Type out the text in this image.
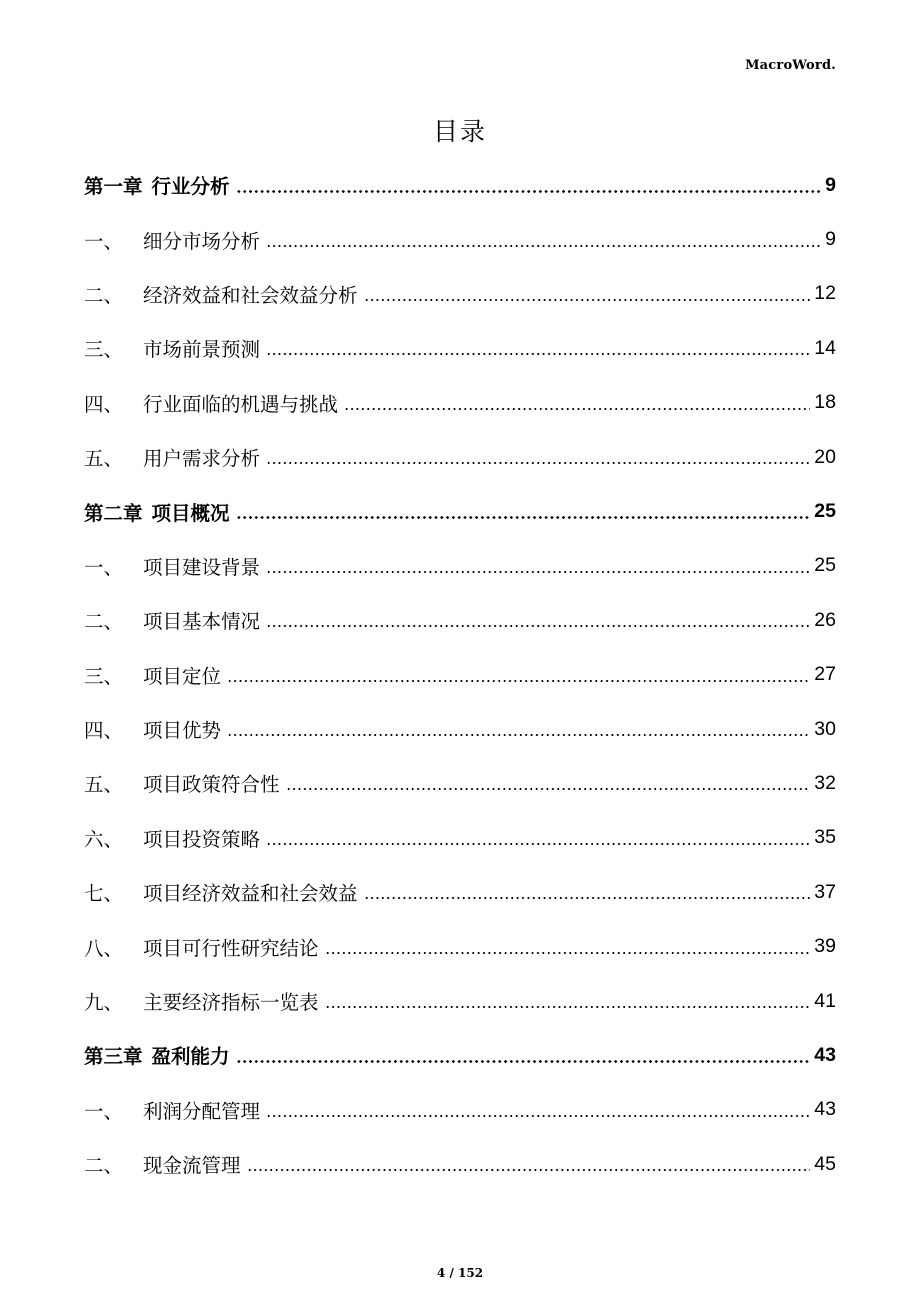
MacroWord.
目录
第一章 行业分析	9
一、	细分市场分析	9
二、	经济效益和社会效益分析	12
三、	市场前景预测	14
四、	行业面临的机遇与挑战	18
五、	用户需求分析	20
第二章 项目概况	25
一、	项目建设背景	25
二、	项目基本情况	26
三、	项目定位	27
四、	项目优势	30
五、	项目政策符合性	32
六、	项目投资策略	35
七、	项目经济效益和社会效益	37
八、	项目可行性研究结论	39
九、	主要经济指标一览表	41
第三章 盈利能力	43
一、	利润分配管理	43
二、	现金流管理	45
4 / 152
